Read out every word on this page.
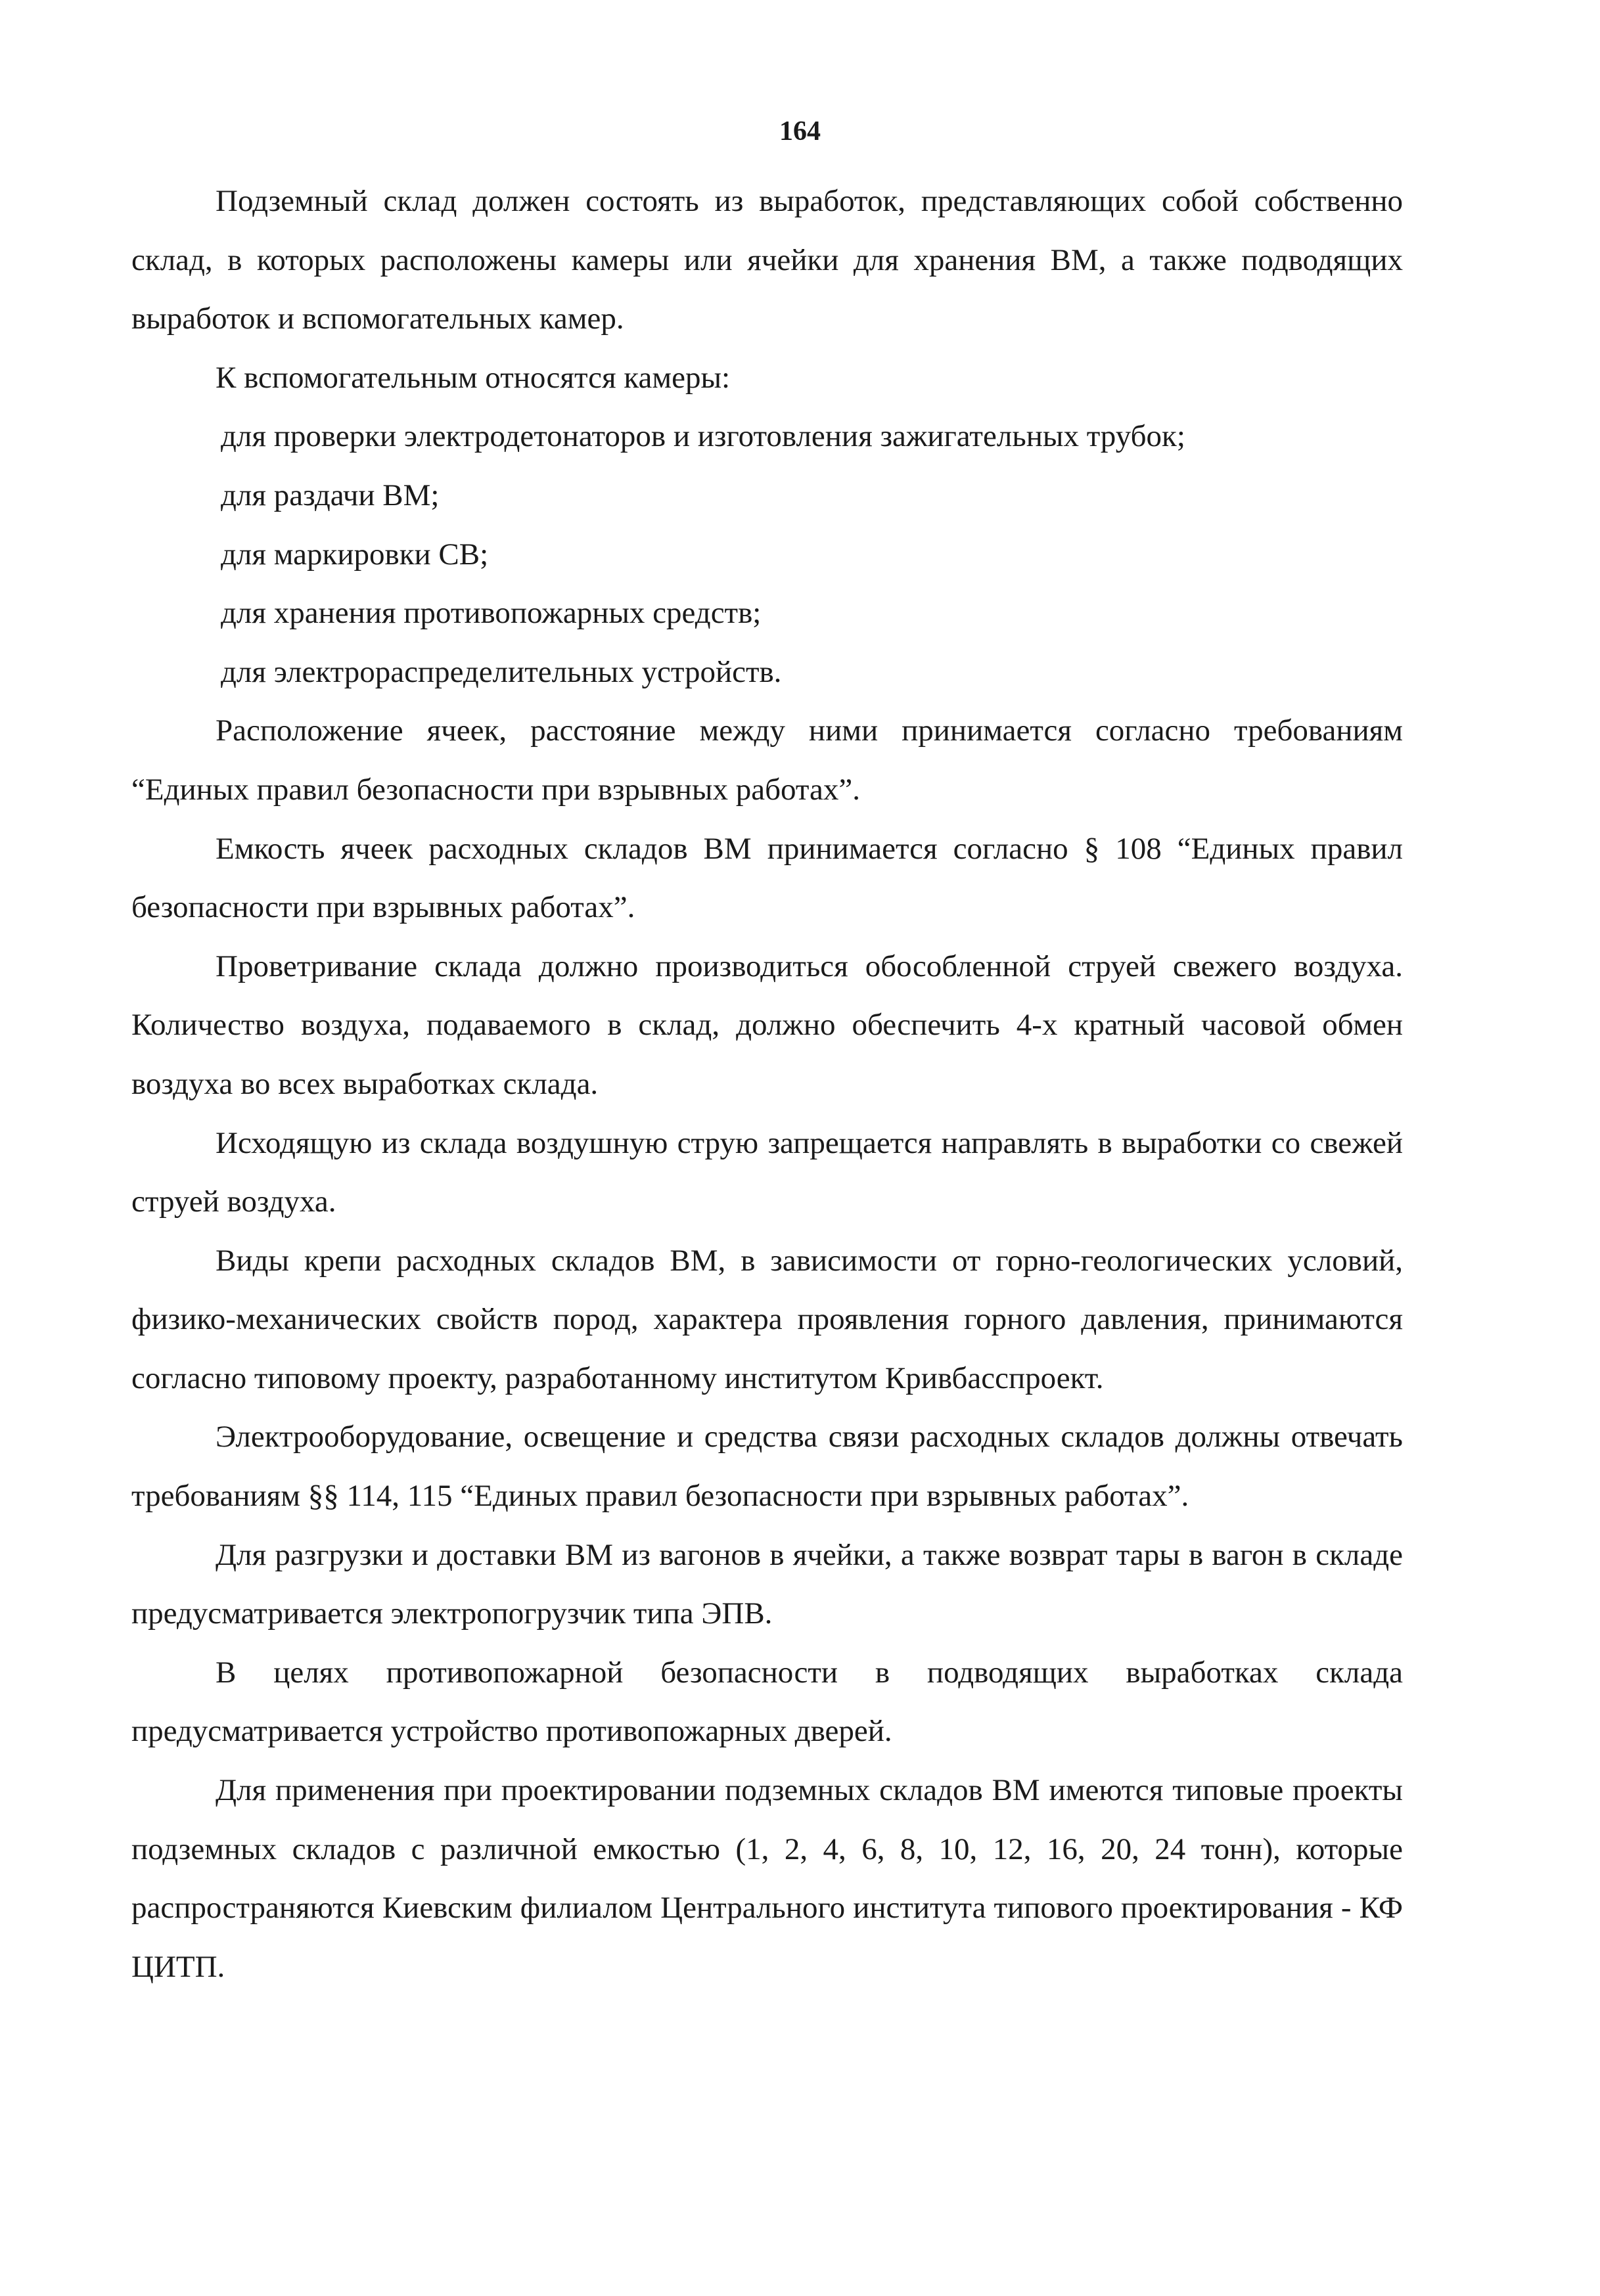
164

Подземный склад должен состоять из выработок, представляющих собой собственно склад, в которых расположены камеры или ячейки для хранения ВМ, а также подводящих выработок и вспомогательных камер.

К вспомогательным относятся камеры:

для проверки электродетонаторов и изготовления зажигательных трубок;

для раздачи ВМ;

для маркировки СВ;

для хранения противопожарных средств;

для электрораспределительных устройств.

Расположение ячеек, расстояние между ними принимается согласно требованиям “Единых правил безопасности при взрывных работах”.

Емкость ячеек расходных складов ВМ принимается согласно § 108 “Единых правил безопасности при взрывных работах”.

Проветривание склада должно производиться обособленной струей свежего воздуха. Количество воздуха, подаваемого в склад, должно обеспечить 4-х кратный часовой обмен воздуха во всех выработках склада.

Исходящую из склада воздушную струю запрещается направлять в выработки со свежей струей воздуха.

Виды крепи расходных складов ВМ, в зависимости от горно-геологических условий, физико-механических свойств пород, характера проявления горного давления, принимаются согласно типовому проекту, разработанному институтом Кривбасспроект.

Электрооборудование, освещение и средства связи расходных складов должны отвечать требованиям §§ 114, 115 “Единых правил безопасности при взрывных работах”.

Для разгрузки и доставки ВМ из вагонов в ячейки, а также возврат тары в вагон в складе предусматривается электропогрузчик типа ЭПВ.

В целях противопожарной безопасности в подводящих выработках склада предусматривается устройство противопожарных дверей.

Для применения при проектировании подземных складов ВМ имеются типовые проекты подземных складов с различной емкостью (1, 2, 4, 6, 8, 10, 12, 16, 20, 24 тонн), которые распространяются Киевским филиалом Центрального института типового проектирования - КФ ЦИТП.
